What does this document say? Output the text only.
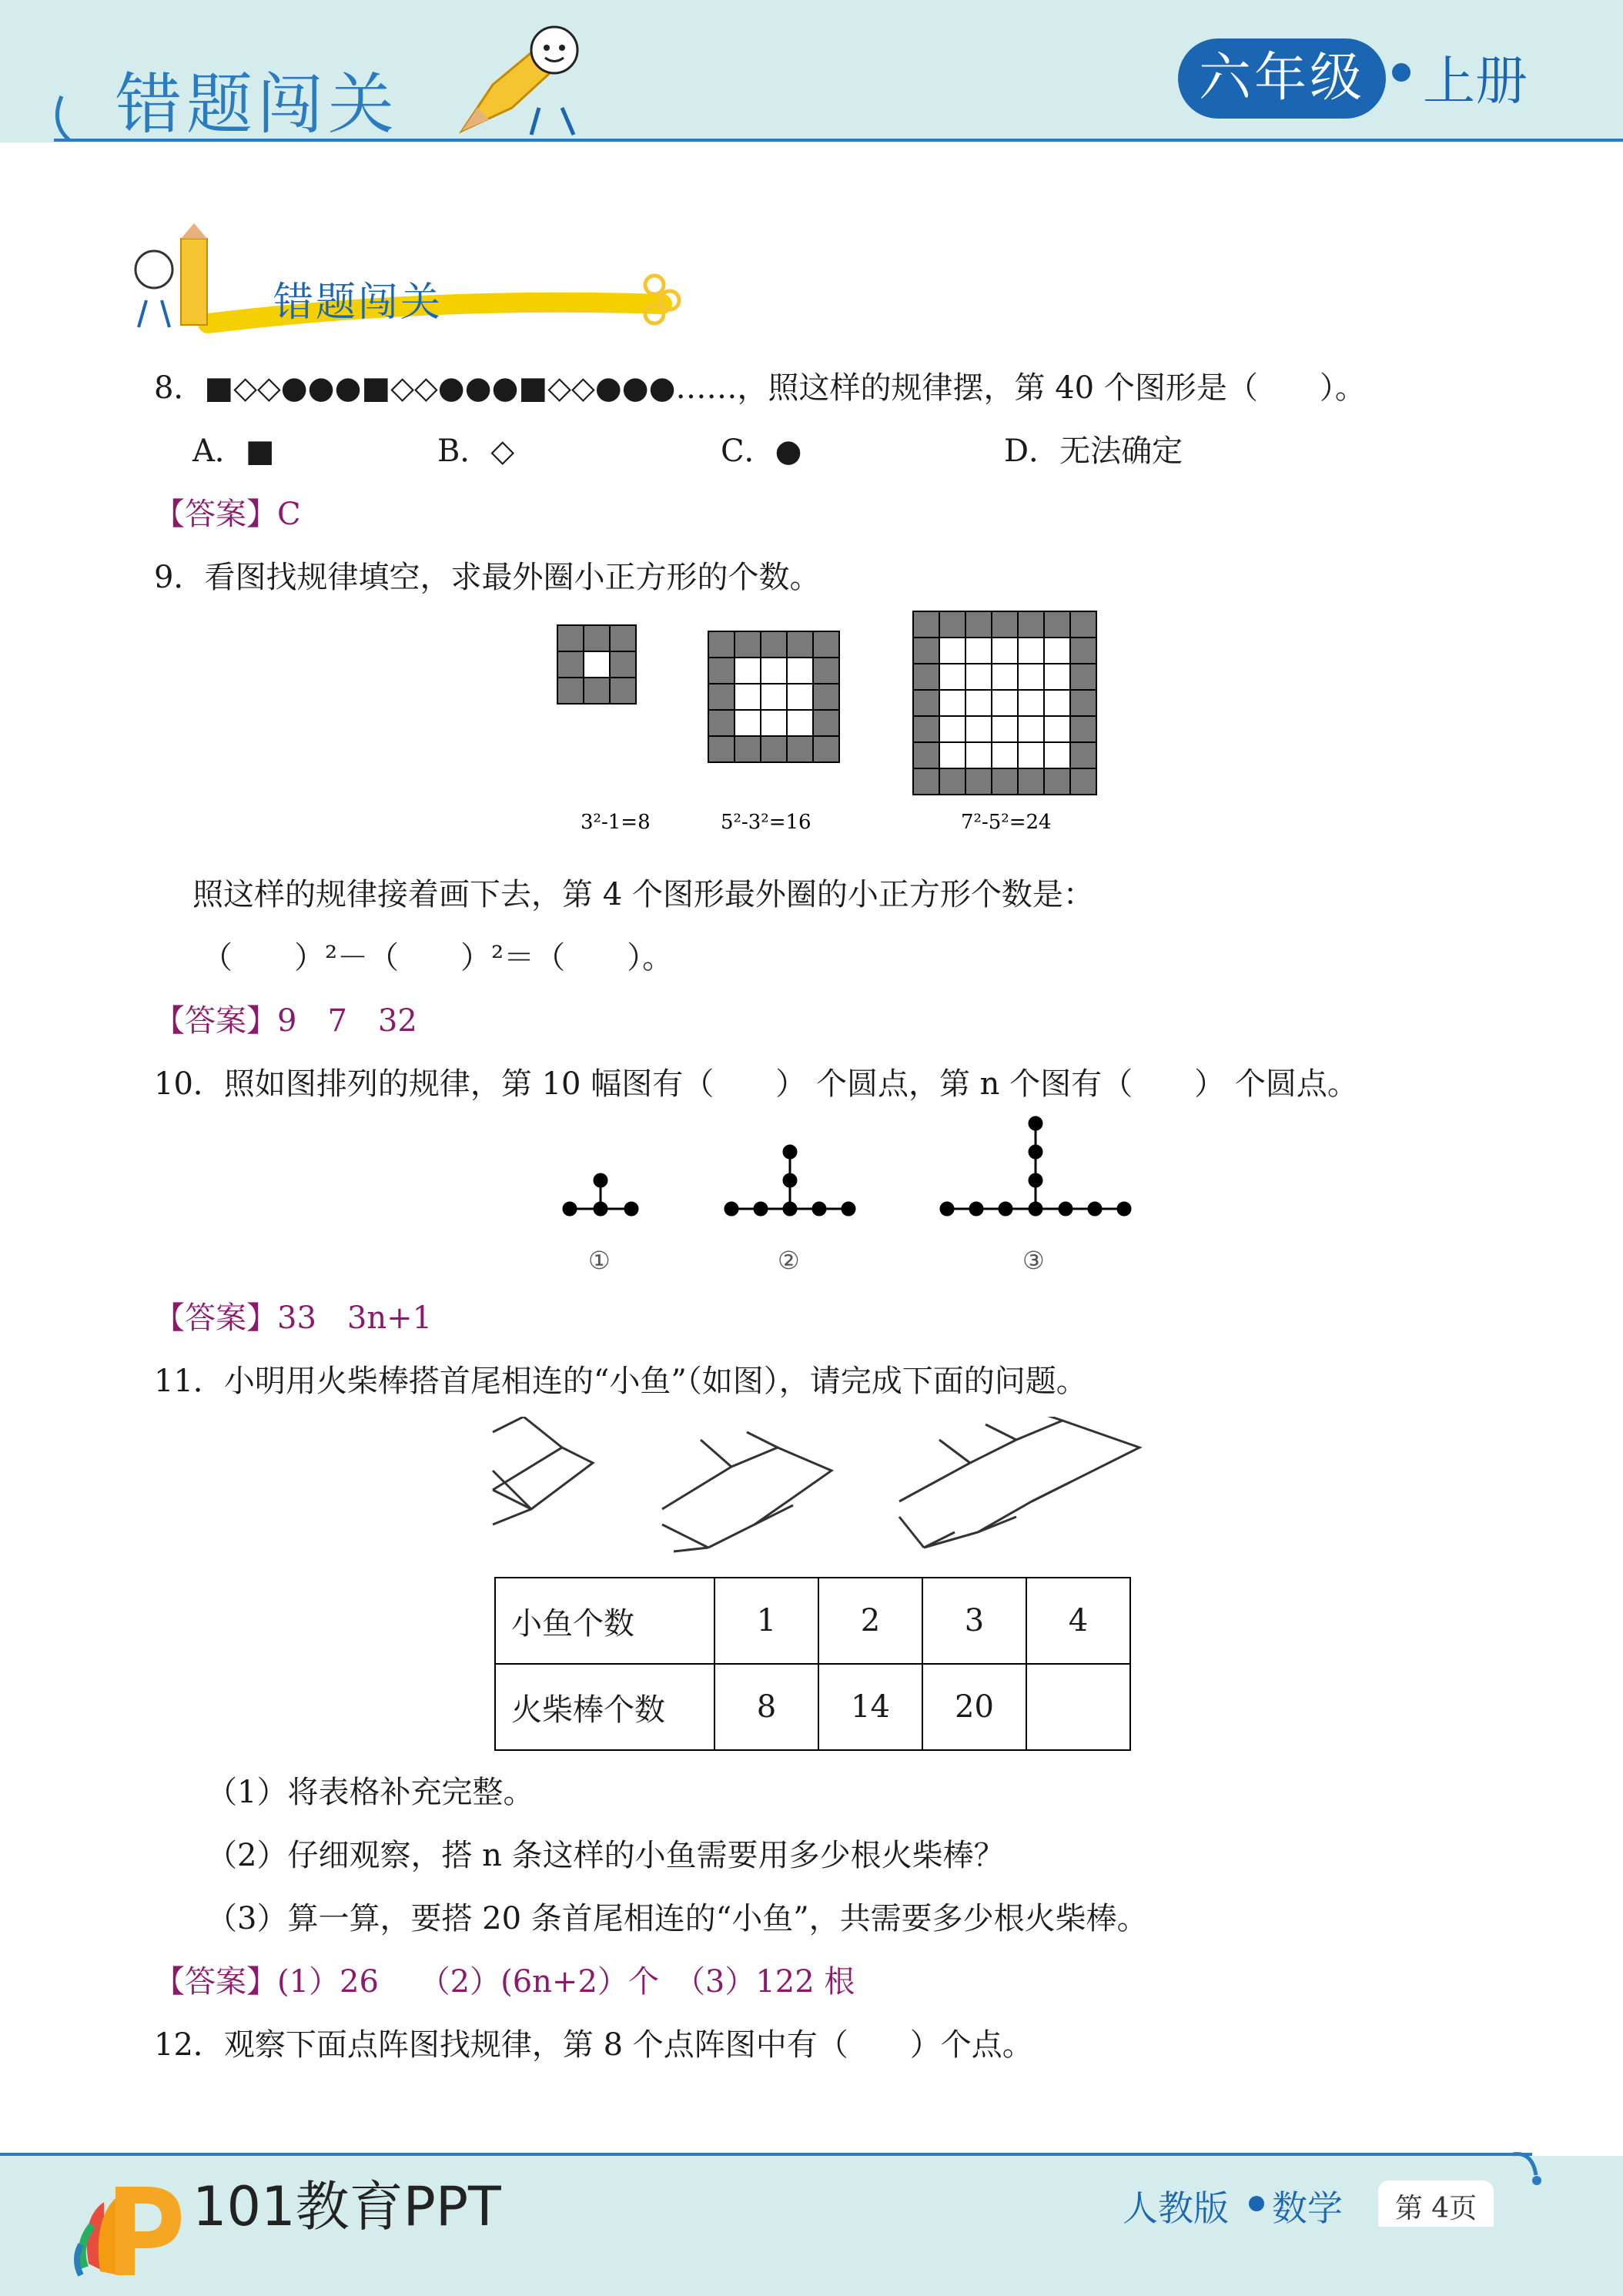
错题闯关	六年级	上册
错题闯关
8．■◇◇●●●■◇◇●●●■◇◇●●●……，照这样的规律摆，第 40 个图形是（　　）。
A．■	B．◇	C．●	D．无法确定
【答案】C
9．看图找规律填空，求最外圈小正方形的个数。
3²-1=8	5²-3²=16	7²-5²=24
照这样的规律接着画下去，第 4 个图形最外圈的小正方形个数是：
（　　）²－（　　）²＝（　　）。
【答案】9　7　32
10．照如图排列的规律，第 10 幅图有（　　） 个圆点，第 n 个图有（　　） 个圆点。
①	②	③
【答案】33　3n+1
11．小明用火柴棒搭首尾相连的“小鱼”（如图），请完成下面的问题。
小鱼个数	1	2	3	4
火柴棒个数	8	14	20	
（1）将表格补充完整。
（2）仔细观察，搭 n 条这样的小鱼需要用多少根火柴棒？
（3）算一算，要搭 20 条首尾相连的“小鱼”，共需要多少根火柴棒。
【答案】(1）26　 （2）(6n+2）个　（3）122 根
12．观察下面点阵图找规律，第 8 个点阵图中有（　　）个点。
101教育PPT	人教版 数学	第 4页
